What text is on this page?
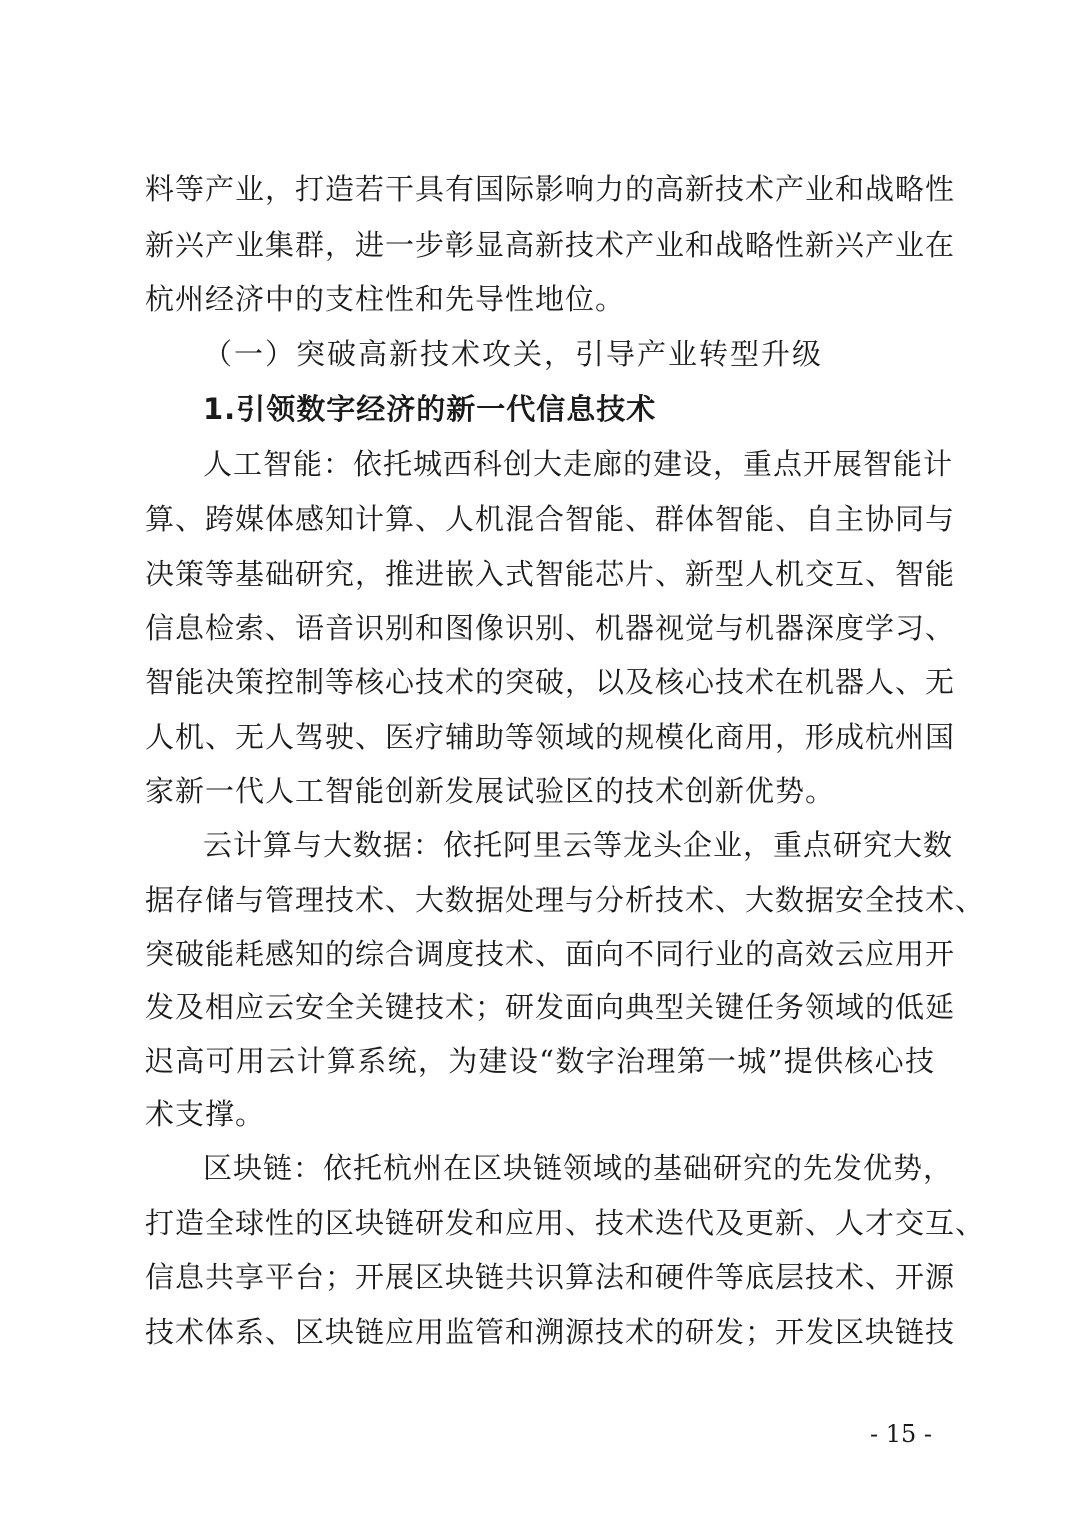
料等产业，打造若干具有国际影响力的高新技术产业和战略性
新兴产业集群，进一步彰显高新技术产业和战略性新兴产业在
杭州经济中的支柱性和先导性地位。
（一）突破高新技术攻关，引导产业转型升级
1.引领数字经济的新一代信息技术
人工智能：依托城西科创大走廊的建设，重点开展智能计
算、跨媒体感知计算、人机混合智能、群体智能、自主协同与
决策等基础研究，推进嵌入式智能芯片、新型人机交互、智能
信息检索、语音识别和图像识别、机器视觉与机器深度学习、
智能决策控制等核心技术的突破，以及核心技术在机器人、无
人机、无人驾驶、医疗辅助等领域的规模化商用，形成杭州国
家新一代人工智能创新发展试验区的技术创新优势。
云计算与大数据：依托阿里云等龙头企业，重点研究大数
据存储与管理技术、大数据处理与分析技术、大数据安全技术、
突破能耗感知的综合调度技术、面向不同行业的高效云应用开
发及相应云安全关键技术；研发面向典型关键任务领域的低延
迟高可用云计算系统，为建设“数字治理第一城”提供核心技
术支撑。
区块链：依托杭州在区块链领域的基础研究的先发优势，
打造全球性的区块链研发和应用、技术迭代及更新、人才交互、
信息共享平台；开展区块链共识算法和硬件等底层技术、开源
技术体系、区块链应用监管和溯源技术的研发；开发区块链技
- 15 -
